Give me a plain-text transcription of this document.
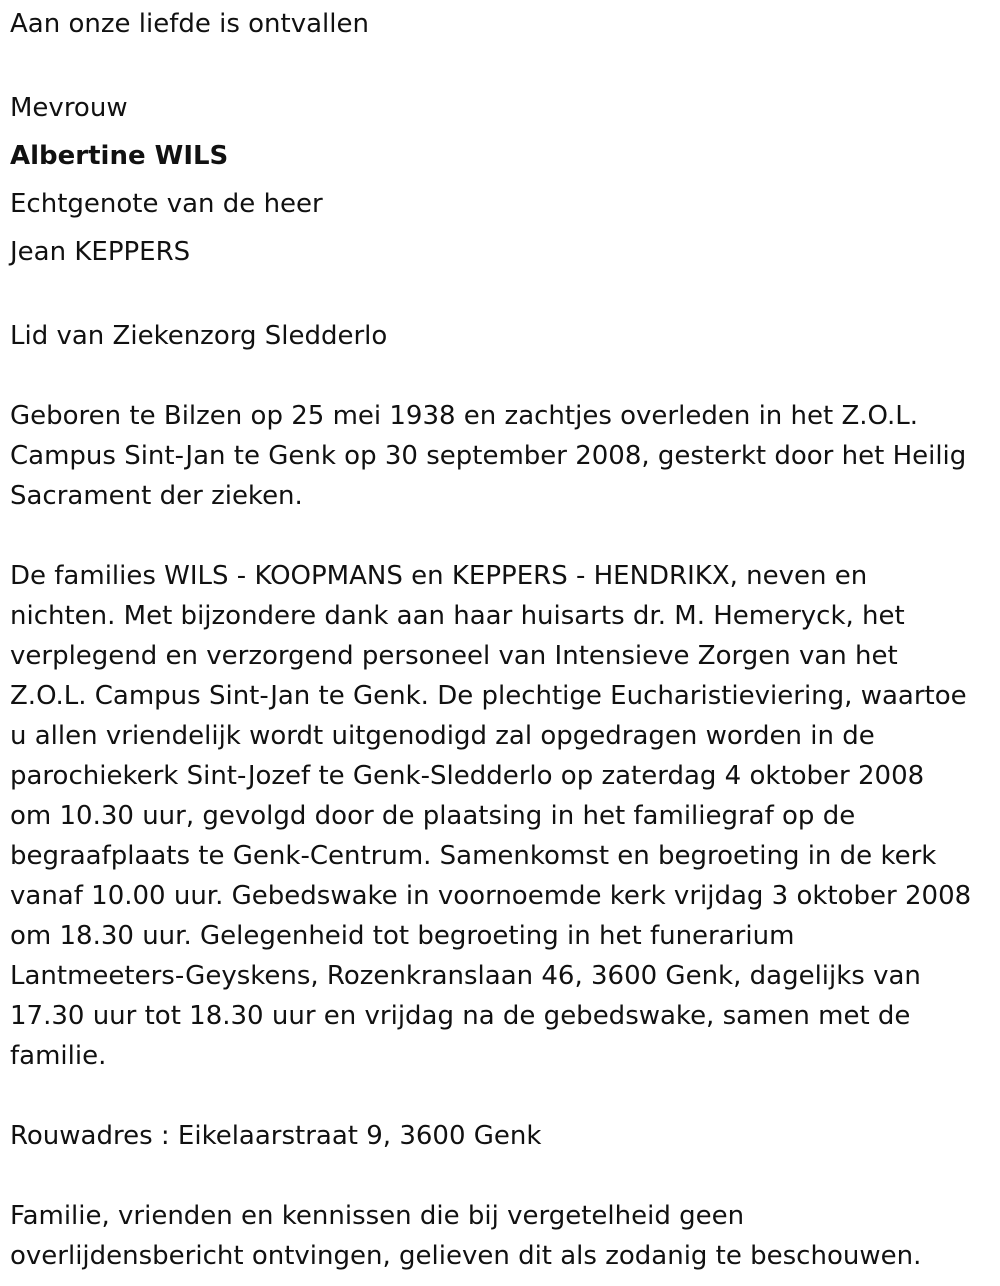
Aan onze liefde is ontvallen

Mevrouw

Albertine WILS

Echtgenote van de heer

Jean KEPPERS

Lid van Ziekenzorg Sledderlo

Geboren te Bilzen op 25 mei 1938 en zachtjes overleden in het Z.O.L.

Campus Sint-Jan te Genk op 30 september 2008, gesterkt door het Heilig

Sacrament der zieken.

De families WILS - KOOPMANS en KEPPERS - HENDRIKX, neven en

nichten. Met bijzondere dank aan haar huisarts dr. M. Hemeryck, het

verplegend en verzorgend personeel van Intensieve Zorgen van het

Z.O.L. Campus Sint-Jan te Genk. De plechtige Eucharistieviering, waartoe

u allen vriendelijk wordt uitgenodigd zal opgedragen worden in de

parochiekerk Sint-Jozef te Genk-Sledderlo op zaterdag 4 oktober 2008

om 10.30 uur, gevolgd door de plaatsing in het familiegraf op de

begraafplaats te Genk-Centrum. Samenkomst en begroeting in de kerk

vanaf 10.00 uur. Gebedswake in voornoemde kerk vrijdag 3 oktober 2008

om 18.30 uur. Gelegenheid tot begroeting in het funerarium

Lantmeeters-Geyskens, Rozenkranslaan 46, 3600 Genk, dagelijks van

17.30 uur tot 18.30 uur en vrijdag na de gebedswake, samen met de

familie.

Rouwadres : Eikelaarstraat 9, 3600 Genk

Familie, vrienden en kennissen die bij vergetelheid geen

overlijdensbericht ontvingen, gelieven dit als zodanig te beschouwen.
